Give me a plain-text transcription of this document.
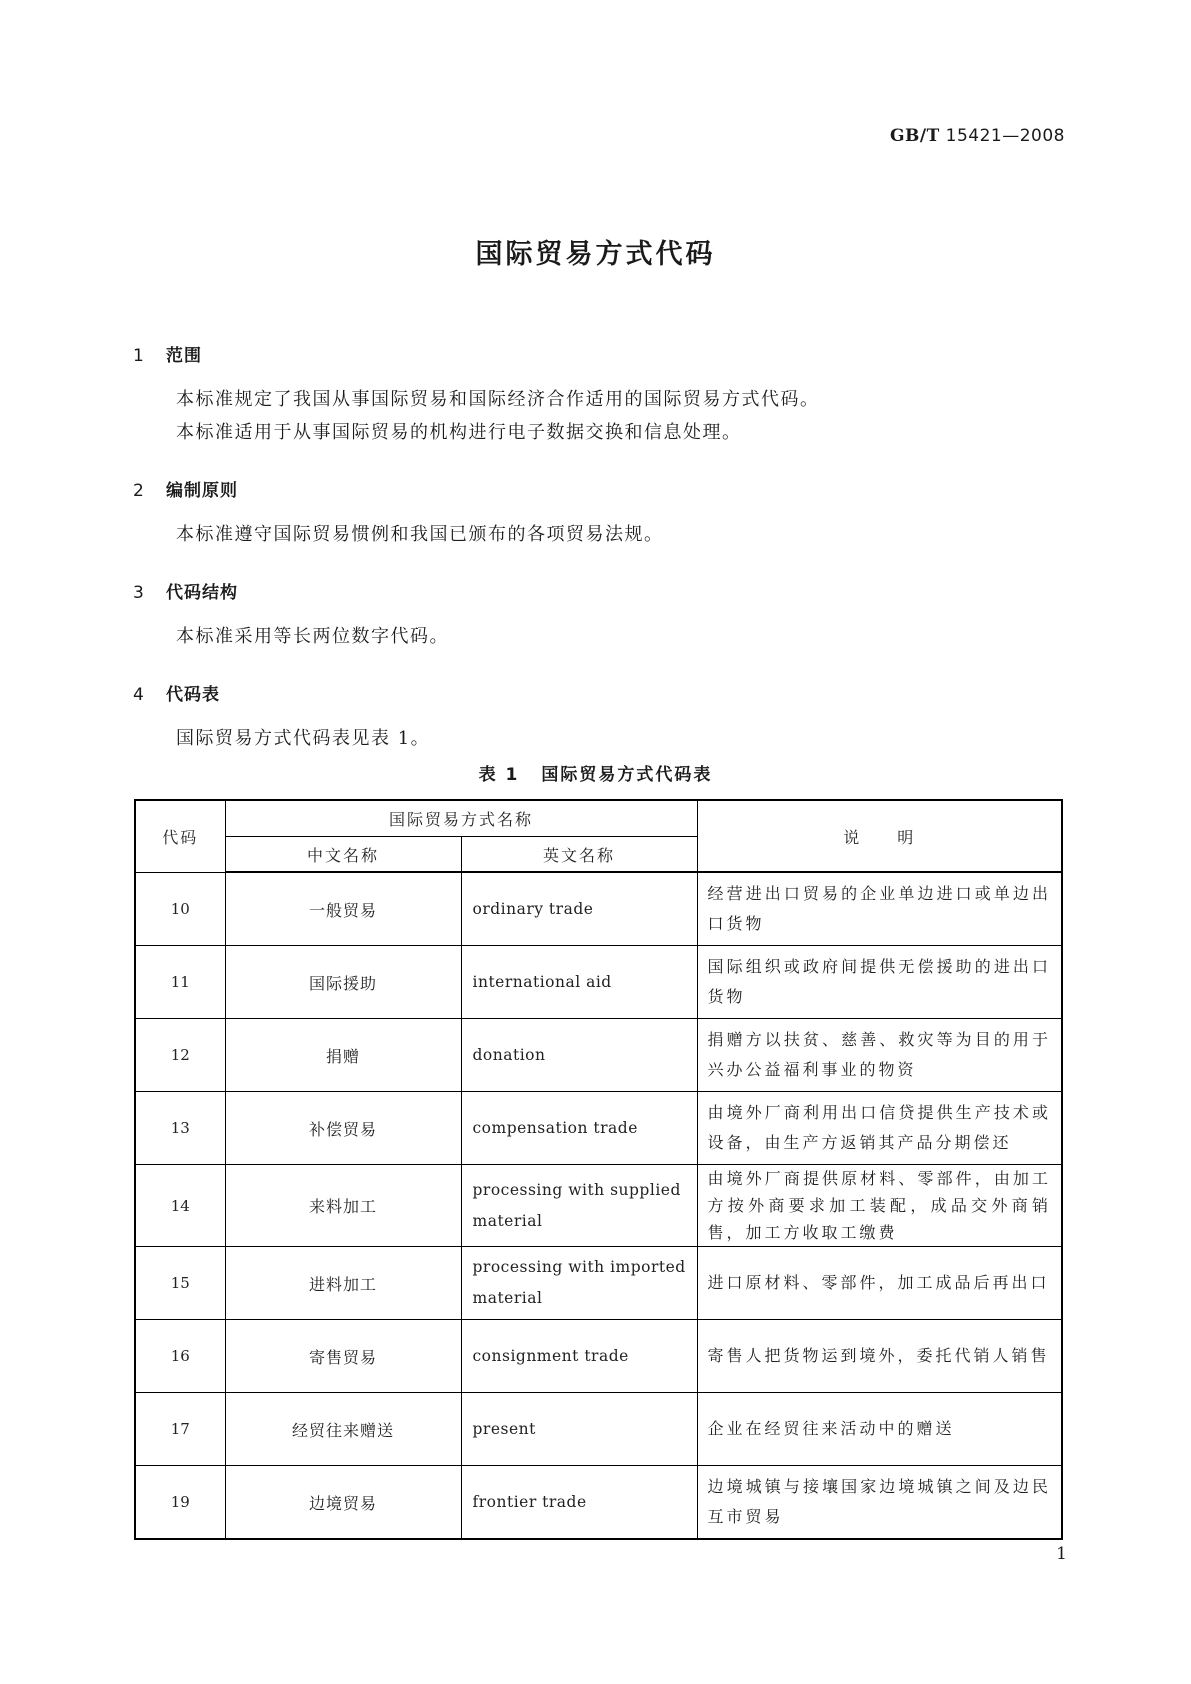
GB/T 15421—2008
国际贸易方式代码
1 范围
本标准规定了我国从事国际贸易和国际经济合作适用的国际贸易方式代码。
本标准适用于从事国际贸易的机构进行电子数据交换和信息处理。
2 编制原则
本标准遵守国际贸易惯例和我国已颁布的各项贸易法规。
3 代码结构
本标准采用等长两位数字代码。
4 代码表
国际贸易方式代码表见表 1。
表 1 国际贸易方式代码表
代码	国际贸易方式名称		说　　明
	中文名称	英文名称	
10	一般贸易	ordinary trade	经营进出口贸易的企业单边进口或单边出口货物
11	国际援助	international aid	国际组织或政府间提供无偿援助的进出口货物
12	捐赠	donation	捐赠方以扶贫、慈善、救灾等为目的用于兴办公益福利事业的物资
13	补偿贸易	compensation trade	由境外厂商利用出口信贷提供生产技术或设备，由生产方返销其产品分期偿还
14	来料加工	processing with supplied material	由境外厂商提供原材料、零部件，由加工方按外商要求加工装配，成品交外商销售，加工方收取工缴费
15	进料加工	processing with imported material	进口原材料、零部件，加工成品后再出口
16	寄售贸易	consignment trade	寄售人把货物运到境外，委托代销人销售
17	经贸往来赠送	present	企业在经贸往来活动中的赠送
19	边境贸易	frontier trade	边境城镇与接壤国家边境城镇之间及边民互市贸易
1
